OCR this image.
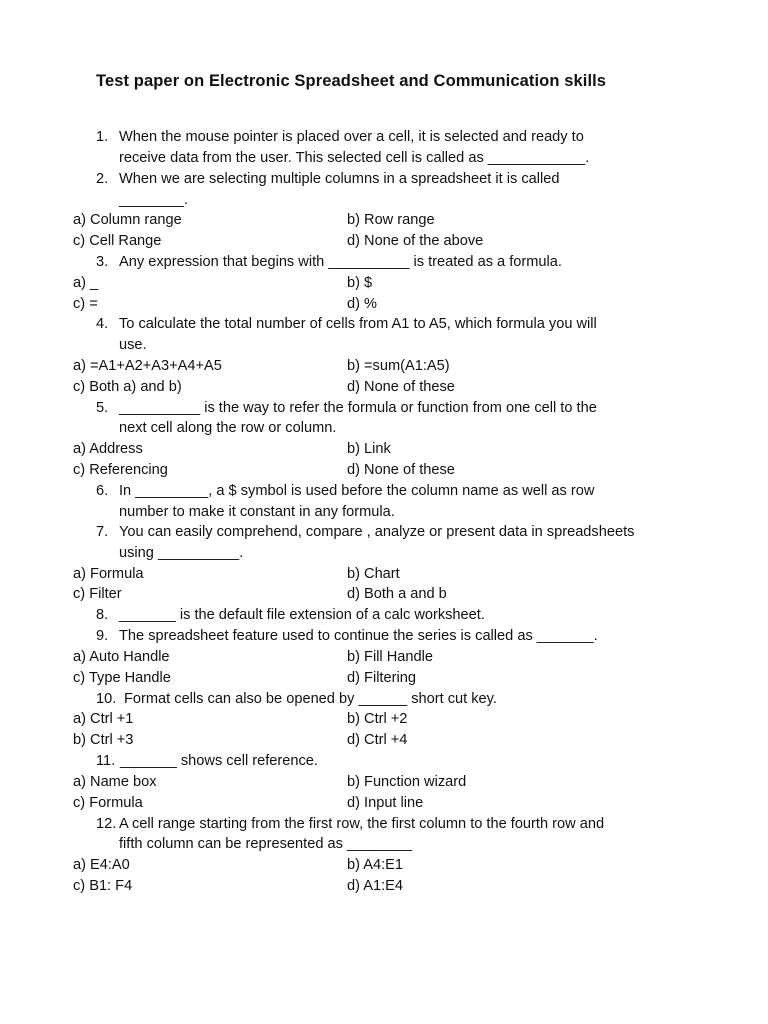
Test paper on Electronic Spreadsheet and Communication skills
1. When the mouse pointer is placed over a cell, it is selected and ready to
receive data from the user. This selected cell is called as ____________.
2. When we are selecting multiple columns in a spreadsheet it is called
________.
a) Column range	b) Row range
c) Cell Range	d) None of the above
3. Any expression that begins with __________ is treated as a formula.
a) _	b) $
c) =	d) %
4. To calculate the total number of cells from A1 to A5, which formula you will
use.
a) =A1+A2+A3+A4+A5	b) =sum(A1:A5)
c) Both a) and b)	d) None of these
5. __________ is the way to refer the formula or function from one cell to the
next cell along the row or column.
a) Address	b) Link
c) Referencing	d) None of these
6. In _________, a $ symbol is used before the column name as well as row
number to make it constant in any formula.
7. You can easily comprehend, compare , analyze or present data in spreadsheets
using __________.
a) Formula	b) Chart
c) Filter	d) Both a and b
8. _______ is the default file extension of a calc worksheet.
9. The spreadsheet feature used to continue the series is called as _______.
a) Auto Handle	b) Fill Handle
c) Type Handle	d) Filtering
10. Format cells can also be opened by ______ short cut key.
a) Ctrl +1	b) Ctrl +2
b) Ctrl +3	d) Ctrl +4
11. _______ shows cell reference.
a) Name box	b) Function wizard
c) Formula	d) Input line
12. A cell range starting from the first row, the first column to the fourth row and
fifth column can be represented as ________
a) E4:A0	b) A4:E1
c) B1: F4	d) A1:E4
